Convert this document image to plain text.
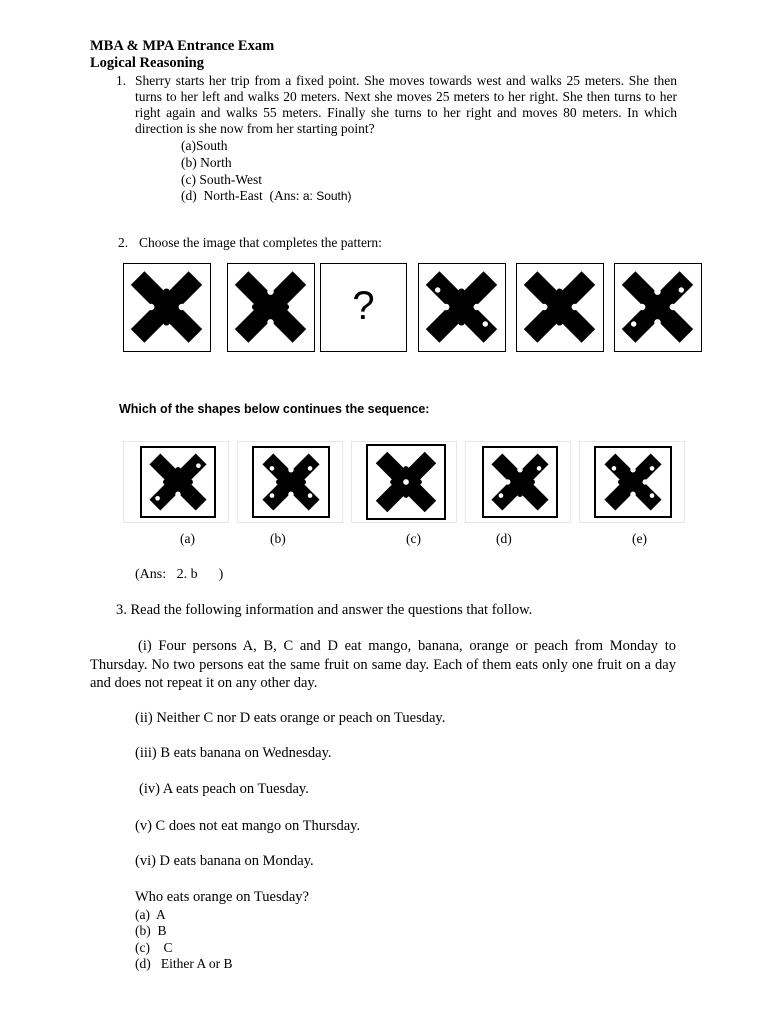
MBA & MPA Entrance Exam
Logical Reasoning
1. Sherry starts her trip from a fixed point. She moves towards west and walks 25 meters. She then turns to her left and walks 20 meters. Next she moves 25 meters to her right. She then turns to her right again and walks 55 meters. Finally she turns to her right and moves 80 meters. In which direction is she now from her starting point?
(a)South
(b) North
(c) South-West
(d)  North-East  (Ans: a: South)
2. Choose the image that completes the pattern:
?
Which of the shapes below continues the sequence:
(a)	(b)	(c)	(d)	(e)
(Ans:   2. b      )
3. Read the following information and answer the questions that follow.
(i) Four persons A, B, C and D eat mango, banana, orange or peach from Monday to Thursday. No two persons eat the same fruit on same day. Each of them eats only one fruit on a day and does not repeat it on any other day.
(ii) Neither C nor D eats orange or peach on Tuesday.
(iii) B eats banana on Wednesday.
(iv) A eats peach on Tuesday.
(v) C does not eat mango on Thursday.
(vi) D eats banana on Monday.
Who eats orange on Tuesday?
(a)  A
(b)  B
(c)    C
(d)   Either A or B
